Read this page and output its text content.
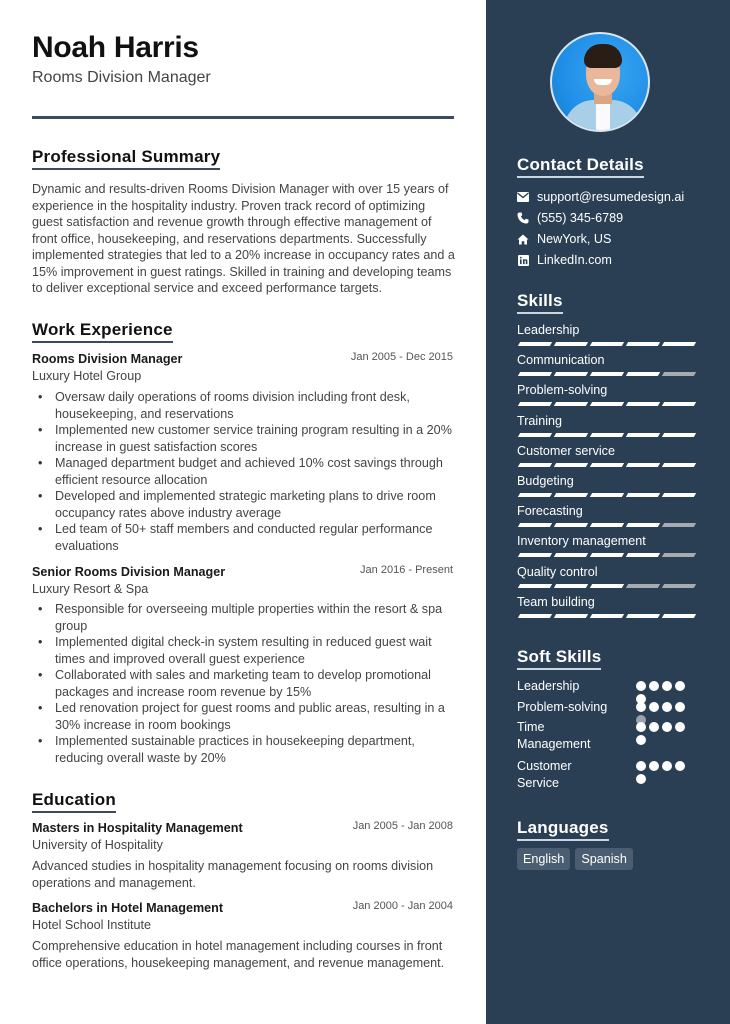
Noah Harris
Rooms Division Manager
Professional Summary
Dynamic and results-driven Rooms Division Manager with over 15 years of experience in the hospitality industry. Proven track record of optimizing guest satisfaction and revenue growth through effective management of front office, housekeeping, and reservations departments. Successfully implemented strategies that led to a 20% increase in occupancy rates and a 15% improvement in guest ratings. Skilled in training and developing teams to deliver exceptional service and exceed performance targets.
Work Experience
Rooms Division Manager	Jan 2005 - Dec 2015
Luxury Hotel Group
• Oversaw daily operations of rooms division including front desk, housekeeping, and reservations
• Implemented new customer service training program resulting in a 20% increase in guest satisfaction scores
• Managed department budget and achieved 10% cost savings through efficient resource allocation
• Developed and implemented strategic marketing plans to drive room occupancy rates above industry average
• Led team of 50+ staff members and conducted regular performance evaluations
Senior Rooms Division Manager	Jan 2016 - Present
Luxury Resort & Spa
• Responsible for overseeing multiple properties within the resort & spa group
• Implemented digital check-in system resulting in reduced guest wait times and improved overall guest experience
• Collaborated with sales and marketing team to develop promotional packages and increase room revenue by 15%
• Led renovation project for guest rooms and public areas, resulting in a 30% increase in room bookings
• Implemented sustainable practices in housekeeping department, reducing overall waste by 20%
Education
Masters in Hospitality Management	Jan 2005 - Jan 2008
University of Hospitality
Advanced studies in hospitality management focusing on rooms division operations and management.
Bachelors in Hotel Management	Jan 2000 - Jan 2004
Hotel School Institute
Comprehensive education in hotel management including courses in front office operations, housekeeping management, and revenue management.
Contact Details
support@resumedesign.ai
(555) 345-6789
NewYork, US
LinkedIn.com
Skills
Leadership
Communication
Problem-solving
Training
Customer service
Budgeting
Forecasting
Inventory management
Quality control
Team building
Soft Skills
Leadership
Problem-solving
Time Management
Customer Service
Languages
English	Spanish
